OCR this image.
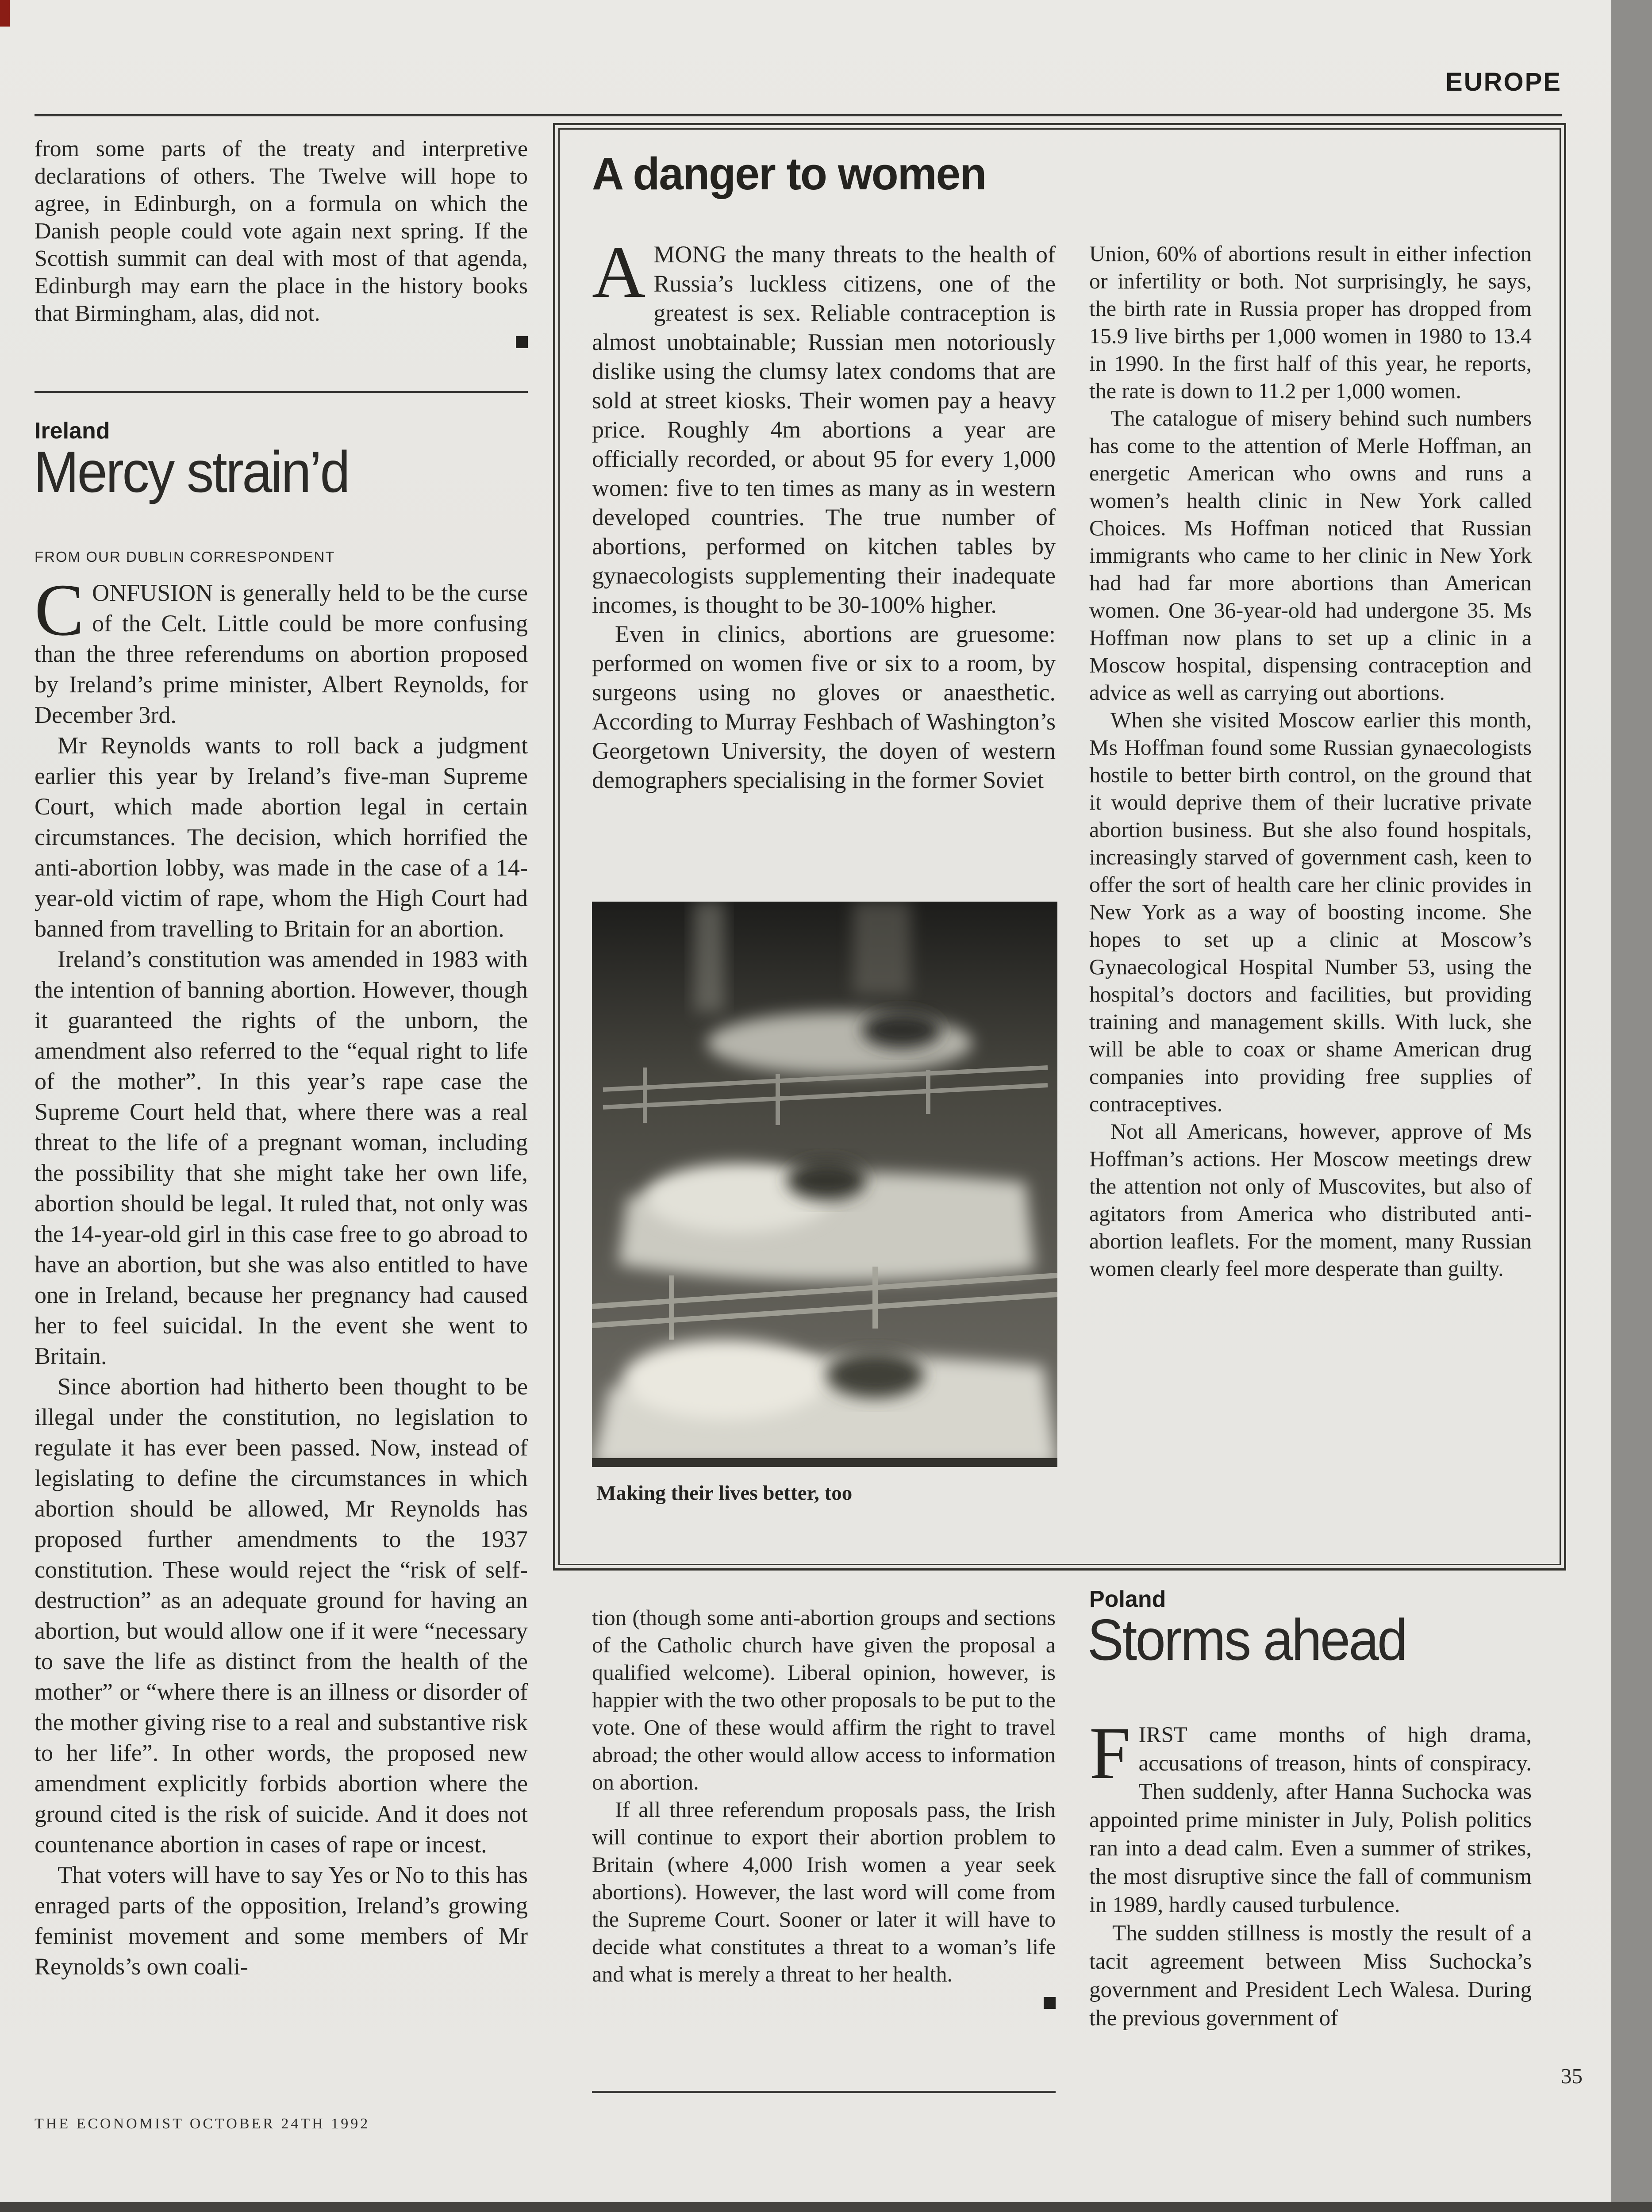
EUROPE

from some parts of the treaty and interpretive declarations of others. The Twelve will hope to agree, in Edinburgh, on a formula on which the Danish people could vote again next spring. If the Scottish summit can deal with most of that agenda, Edinburgh may earn the place in the history books that Birmingham, alas, did not.

Ireland
Mercy strain’d
FROM OUR DUBLIN CORRESPONDENT

CONFUSION is generally held to be the curse of the Celt. Little could be more confusing than the three referendums on abortion proposed by Ireland’s prime minister, Albert Reynolds, for December 3rd.

Mr Reynolds wants to roll back a judgment earlier this year by Ireland’s five-man Supreme Court, which made abortion legal in certain circumstances. The decision, which horrified the anti-abortion lobby, was made in the case of a 14-year-old victim of rape, whom the High Court had banned from travelling to Britain for an abortion.

Ireland’s constitution was amended in 1983 with the intention of banning abortion. However, though it guaranteed the rights of the unborn, the amendment also referred to the “equal right to life of the mother”. In this year’s rape case the Supreme Court held that, where there was a real threat to the life of a pregnant woman, including the possibility that she might take her own life, abortion should be legal. It ruled that, not only was the 14-year-old girl in this case free to go abroad to have an abortion, but she was also entitled to have one in Ireland, because her pregnancy had caused her to feel suicidal. In the event she went to Britain.

Since abortion had hitherto been thought to be illegal under the constitution, no legislation to regulate it has ever been passed. Now, instead of legislating to define the circumstances in which abortion should be allowed, Mr Reynolds has proposed further amendments to the 1937 constitution. These would reject the “risk of self-destruction” as an adequate ground for having an abortion, but would allow one if it were “necessary to save the life as distinct from the health of the mother” or “where there is an illness or disorder of the mother giving rise to a real and substantive risk to her life”. In other words, the proposed new amendment explicitly forbids abortion where the ground cited is the risk of suicide. And it does not countenance abortion in cases of rape or incest.

That voters will have to say Yes or No to this has enraged parts of the opposition, Ireland’s growing feminist movement and some members of Mr Reynolds’s own coali-

A danger to women

AMONG the many threats to the health of Russia’s luckless citizens, one of the greatest is sex. Reliable contraception is almost unobtainable; Russian men notoriously dislike using the clumsy latex condoms that are sold at street kiosks. Their women pay a heavy price. Roughly 4m abortions a year are officially recorded, or about 95 for every 1,000 women: five to ten times as many as in western developed countries. The true number of abortions, performed on kitchen tables by gynaecologists supplementing their inadequate incomes, is thought to be 30-100% higher.

Even in clinics, abortions are gruesome: performed on women five or six to a room, by surgeons using no gloves or anaesthetic. According to Murray Feshbach of Washington’s Georgetown University, the doyen of western demographers specialising in the former Soviet

Making their lives better, too

Union, 60% of abortions result in either infection or infertility or both. Not surprisingly, he says, the birth rate in Russia proper has dropped from 15.9 live births per 1,000 women in 1980 to 13.4 in 1990. In the first half of this year, he reports, the rate is down to 11.2 per 1,000 women.

The catalogue of misery behind such numbers has come to the attention of Merle Hoffman, an energetic American who owns and runs a women’s health clinic in New York called Choices. Ms Hoffman noticed that Russian immigrants who came to her clinic in New York had had far more abortions than American women. One 36-year-old had undergone 35. Ms Hoffman now plans to set up a clinic in a Moscow hospital, dispensing contraception and advice as well as carrying out abortions.

When she visited Moscow earlier this month, Ms Hoffman found some Russian gynaecologists hostile to better birth control, on the ground that it would deprive them of their lucrative private abortion business. But she also found hospitals, increasingly starved of government cash, keen to offer the sort of health care her clinic provides in New York as a way of boosting income. She hopes to set up a clinic at Moscow’s Gynaecological Hospital Number 53, using the hospital’s doctors and facilities, but providing training and management skills. With luck, she will be able to coax or shame American drug companies into providing free supplies of contraceptives.

Not all Americans, however, approve of Ms Hoffman’s actions. Her Moscow meetings drew the attention not only of Muscovites, but also of agitators from America who distributed anti-abortion leaflets. For the moment, many Russian women clearly feel more desperate than guilty.

tion (though some anti-abortion groups and sections of the Catholic church have given the proposal a qualified welcome). Liberal opinion, however, is happier with the two other proposals to be put to the vote. One of these would affirm the right to travel abroad; the other would allow access to information on abortion.

If all three referendum proposals pass, the Irish will continue to export their abortion problem to Britain (where 4,000 Irish women a year seek abortions). However, the last word will come from the Supreme Court. Sooner or later it will have to decide what constitutes a threat to a woman’s life and what is merely a threat to her health.

Poland
Storms ahead

FIRST came months of high drama, accusations of treason, hints of conspiracy. Then suddenly, after Hanna Suchocka was appointed prime minister in July, Polish politics ran into a dead calm. Even a summer of strikes, the most disruptive since the fall of communism in 1989, hardly caused turbulence.

The sudden stillness is mostly the result of a tacit agreement between Miss Suchocka’s government and President Lech Walesa. During the previous government of

35
THE ECONOMIST OCTOBER 24TH 1992
